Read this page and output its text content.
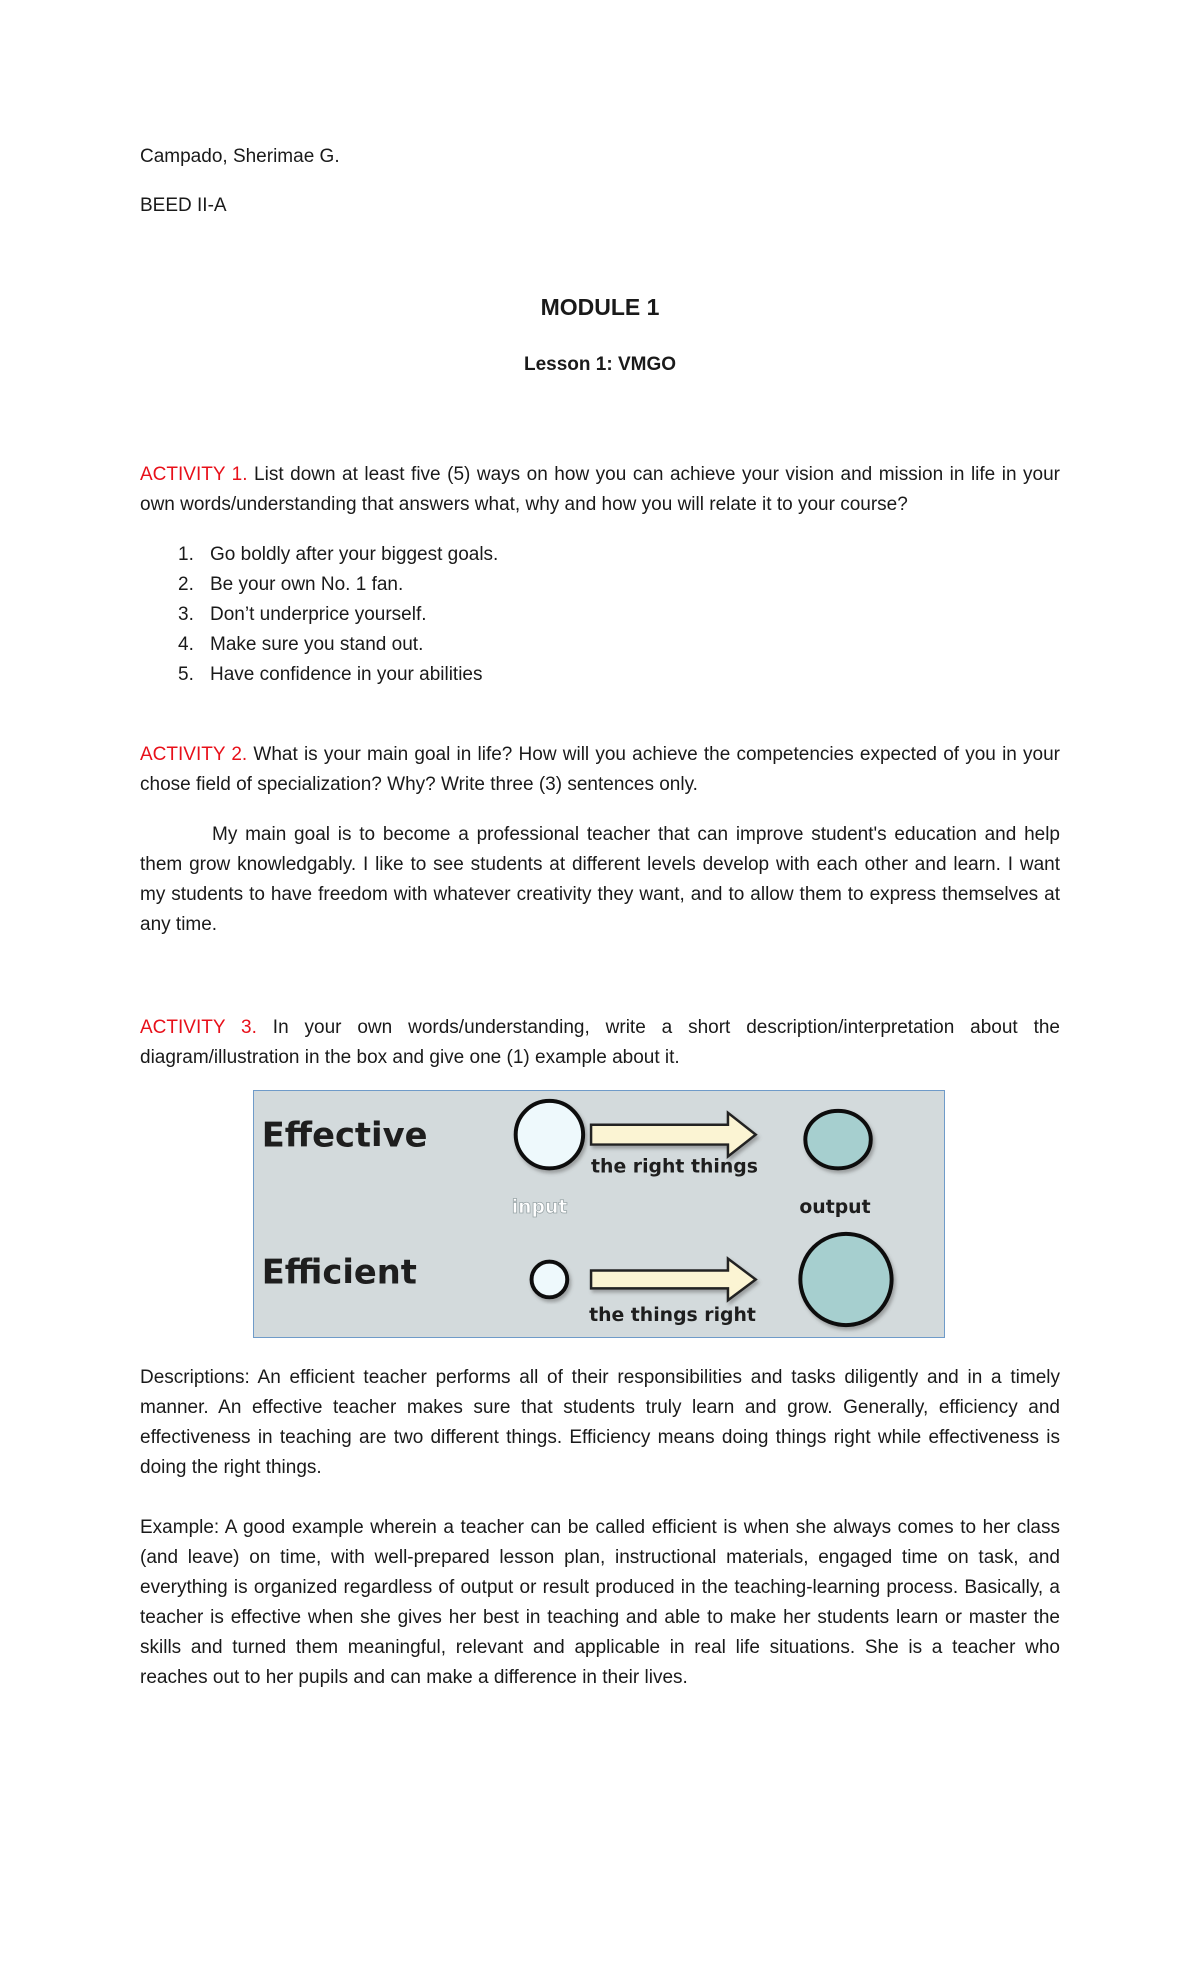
Campado, Sherimae G.

BEED II-A

MODULE 1

Lesson 1: VMGO

ACTIVITY 1. List down at least five (5) ways on how you can achieve your vision and mission in life in your own words/understanding that answers what, why and how you will relate it to your course?

1. Go boldly after your biggest goals.
2. Be your own No. 1 fan.
3. Don’t underprice yourself.
4. Make sure you stand out.
5. Have confidence in your abilities

ACTIVITY 2. What is your main goal in life? How will you achieve the competencies expected of you in your chose field of specialization? Why? Write three (3) sentences only.

My main goal is to become a professional teacher that can improve student's education and help them grow knowledgably. I like to see students at different levels develop with each other and learn. I want my students to have freedom with whatever creativity they want, and to allow them to express themselves at any time.

ACTIVITY 3. In your own words/understanding, write a short description/interpretation about the diagram/illustration in the box and give one (1) example about it.

Effective
Efficient
the right things
input	output
the things right

Descriptions: An efficient teacher performs all of their responsibilities and tasks diligently and in a timely manner. An effective teacher makes sure that students truly learn and grow. Generally, efficiency and effectiveness in teaching are two different things. Efficiency means doing things right while effectiveness is doing the right things.

Example: A good example wherein a teacher can be called efficient is when she always comes to her class (and leave) on time, with well-prepared lesson plan, instructional materials, engaged time on task, and everything is organized regardless of output or result produced in the teaching-learning process. Basically, a teacher is effective when she gives her best in teaching and able to make her students learn or master the skills and turned them meaningful, relevant and applicable in real life situations. She is a teacher who reaches out to her pupils and can make a difference in their lives.
